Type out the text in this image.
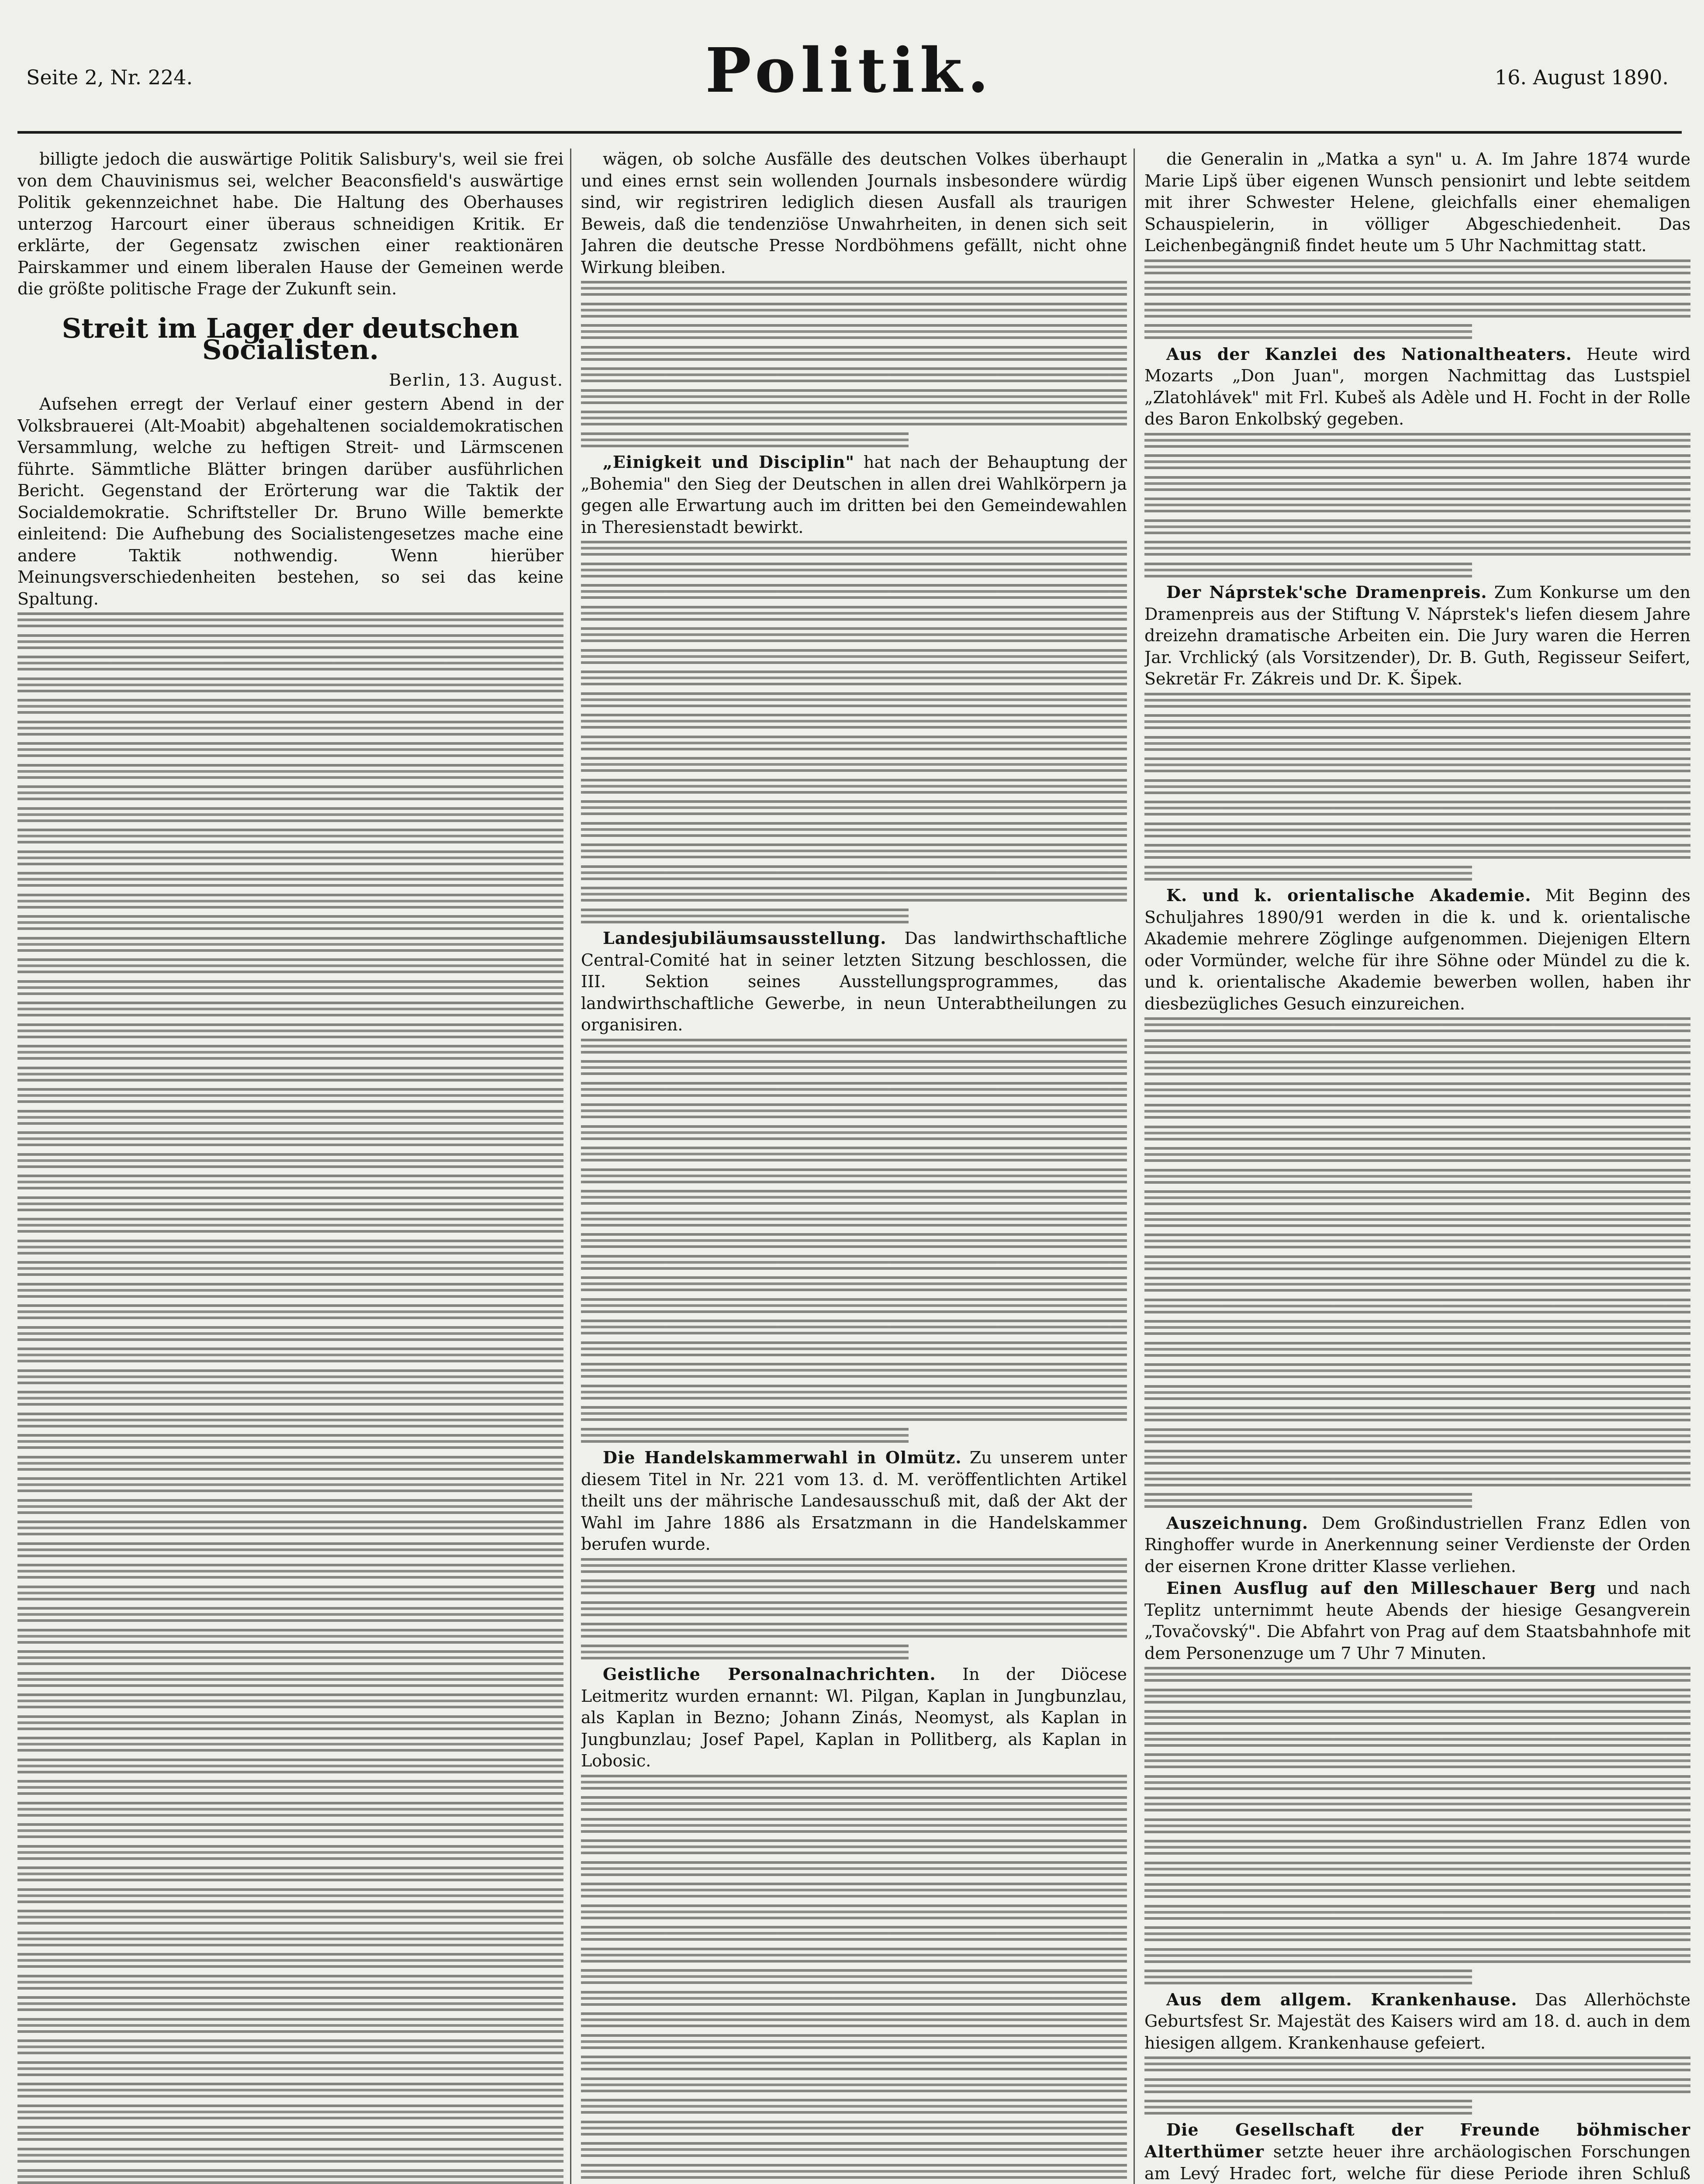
Seite 2, Nr. 224.	Politik.	16. August 1890.

billigte jedoch die auswärtige Politik Salisbury's, weil sie frei von dem Chauvinismus sei, welcher Beaconsfield's auswärtige Politik gekennzeichnet habe. Die Haltung des Oberhauses unterzog Harcourt einer überaus schneidigen Kritik. Er erklärte, der Gegensatz zwischen einer reaktionären Pairskammer und einem liberalen Hause der Gemeinen werde die größte politische Frage der Zukunft sein.

Streit im Lager der deutschen Socialisten.
Berlin, 13. August.

Aufsehen erregt der Verlauf einer gestern Abend in der Volksbrauerei (Alt-Moabit) abgehaltenen socialdemokratischen Versammlung, welche zu heftigen Streit- und Lärmscenen führte. Sämmtliche Blätter bringen darüber ausführlichen Bericht. Gegenstand der Erörterung war die Taktik der Socialdemokratie. Schriftsteller Dr. Bruno Wille bemerkte einleitend: Die Aufhebung des Socialistengesetzes mache eine andere Taktik nothwendig. Wenn hierüber Meinungsverschiedenheiten bestehen, so sei das keine Spaltung.

wägen, ob solche Ausfälle des deutschen Volkes überhaupt und eines ernst sein wollenden Journals insbesondere würdig sind, wir registriren lediglich diesen Ausfall als traurigen Beweis, daß die tendenziöse Unwahrheiten, in denen sich seit Jahren die deutsche Presse Nordböhmens gefällt, nicht ohne Wirkung bleiben.

„Einigkeit und Disciplin" hat nach der Behauptung der „Bohemia" den Sieg der Deutschen in allen drei Wahlkörpern ja gegen alle Erwartung auch im dritten bei den Gemeindewahlen in Theresienstadt bewirkt.

Landesjubiläumsausstellung. Das landwirthschaftliche Central-Comité hat in seiner letzten Sitzung beschlossen, die III. Sektion seines Ausstellungsprogrammes, das landwirthschaftliche Gewerbe, in neun Unterabtheilungen zu organisiren.

Die Handelskammerwahl in Olmütz. Zu unserem unter diesem Titel in Nr. 221 vom 13. d. M. veröffentlichten Artikel theilt uns der mährische Landesausschuß mit, daß der Akt der Wahl im Jahre 1886 als Ersatzmann in die Handelskammer berufen wurde.

Geistliche Personalnachrichten. In der Diöcese Leitmeritz wurden ernannt: Wl. Pilgan, Kaplan in Jungbunzlau, als Kaplan in Bezno; Johann Zinás, Neomyst, als Kaplan in Jungbunzlau; Josef Papel, Kaplan in Pollitberg, als Kaplan in Lobosic.

die Generalin in „Matka a syn" u. A. Im Jahre 1874 wurde Marie Lipš über eigenen Wunsch pensionirt und lebte seitdem mit ihrer Schwester Helene, gleichfalls einer ehemaligen Schauspielerin, in völliger Abgeschiedenheit. Das Leichenbegängniß findet heute um 5 Uhr Nachmittag statt.

Aus der Kanzlei des Nationaltheaters. Heute wird Mozarts „Don Juan", morgen Nachmittag das Lustspiel „Zlatohlávek" mit Frl. Kubeš als Adèle und H. Focht in der Rolle des Baron Enkolbský gegeben.

Der Náprstek'sche Dramenpreis. Zum Konkurse um den Dramenpreis aus der Stiftung V. Náprstek's liefen diesem Jahre dreizehn dramatische Arbeiten ein. Die Jury waren die Herren Jar. Vrchlický (als Vorsitzender), Dr. B. Guth, Regisseur Seifert, Sekretär Fr. Zákreis und Dr. K. Šipek.

K. und k. orientalische Akademie. Mit Beginn des Schuljahres 1890/91 werden in die k. und k. orientalische Akademie mehrere Zöglinge aufgenommen. Diejenigen Eltern oder Vormünder, welche für ihre Söhne oder Mündel zu die k. und k. orientalische Akademie bewerben wollen, haben ihr diesbezügliches Gesuch einzureichen.

Auszeichnung. Dem Großindustriellen Franz Edlen von Ringhoffer wurde in Anerkennung seiner Verdienste der Orden der eisernen Krone dritter Klasse verliehen.

Einen Ausflug auf den Milleschauer Berg und nach Teplitz unternimmt heute Abends der hiesige Gesangverein „Tovačovský". Die Abfahrt von Prag auf dem Staatsbahnhofe mit dem Personenzuge um 7 Uhr 7 Minuten.

Aus dem allgem. Krankenhause. Das Allerhöchste Geburtsfest Sr. Majestät des Kaisers wird am 18. d. auch in dem hiesigen allgem. Krankenhause gefeiert.

Die Gesellschaft der Freunde böhmischer Alterthümer setzte heuer ihre archäologischen Forschungen am Levý Hradec fort, welche für diese Periode ihren Schluß
